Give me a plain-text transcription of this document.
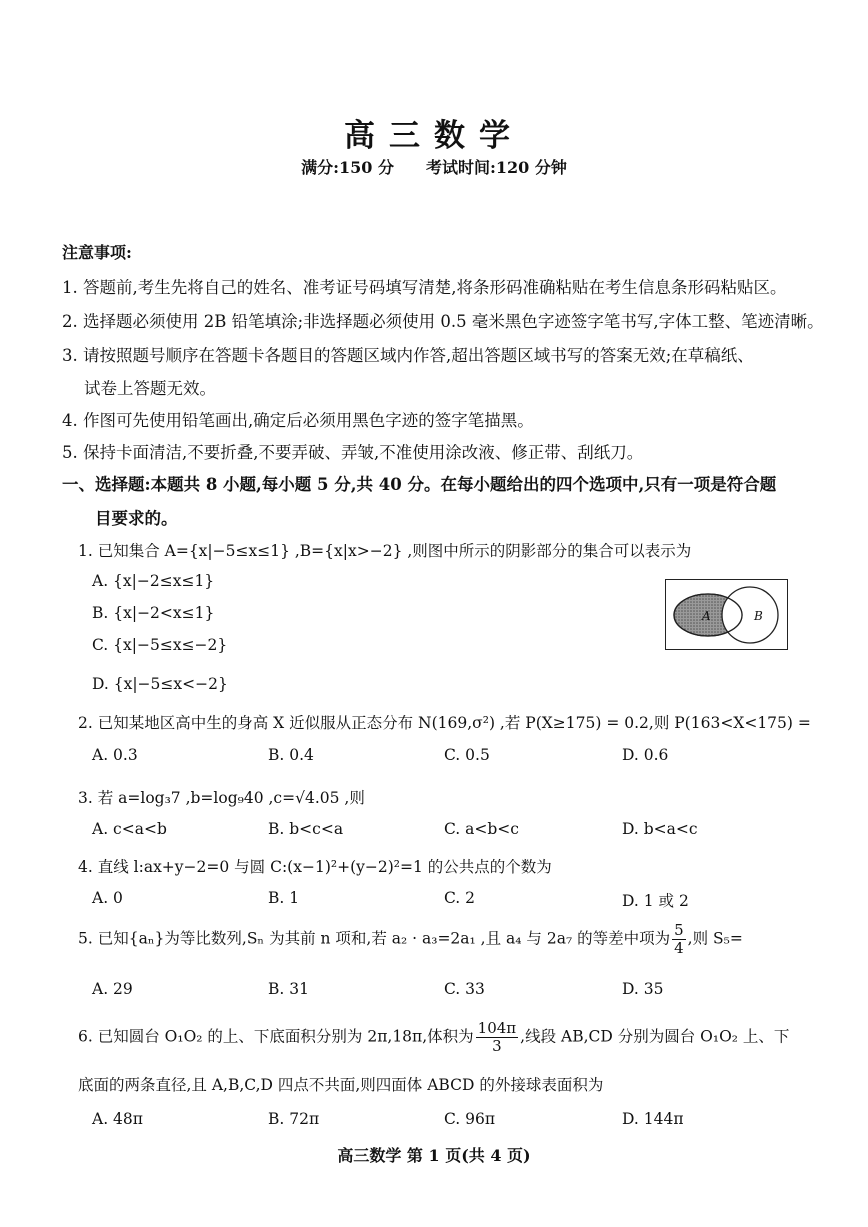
高三数学
满分:150 分 考试时间:120 分钟
注意事项:
1. 答题前,考生先将自己的姓名、准考证号码填写清楚,将条形码准确粘贴在考生信息条形码粘贴区。
2. 选择题必须使用 2B 铅笔填涂;非选择题必须使用 0.5 毫米黑色字迹签字笔书写,字体工整、笔迹清晰。
3. 请按照题号顺序在答题卡各题目的答题区域内作答,超出答题区域书写的答案无效;在草稿纸、
试卷上答题无效。
4. 作图可先使用铅笔画出,确定后必须用黑色字迹的签字笔描黑。
5. 保持卡面清洁,不要折叠,不要弄破、弄皱,不准使用涂改液、修正带、刮纸刀。
一、选择题:本题共 8 小题,每小题 5 分,共 40 分。在每小题给出的四个选项中,只有一项是符合题
目要求的。
1. 已知集合 A={x|−5≤x≤1} ,B={x|x>−2} ,则图中所示的阴影部分的集合可以表示为
A. {x|−2≤x≤1}
B. {x|−2<x≤1}
C. {x|−5≤x≤−2}
D. {x|−5≤x<−2}
A	B
2. 已知某地区高中生的身高 X 近似服从正态分布 N(169,σ²) ,若 P(X≥175) = 0.2,则 P(163<X<175) =
A. 0.3	B. 0.4	C. 0.5	D. 0.6
3. 若 a=log₃7 ,b=log₉40 ,c=√4.05 ,则
A. c<a<b	B. b<c<a	C. a<b<c	D. b<a<c
4. 直线 l:ax+y−2=0 与圆 C:(x−1)²+(y−2)²=1 的公共点的个数为
A. 0	B. 1	C. 2	D. 1 或 2
5. 已知{aₙ}为等比数列,Sₙ 为其前 n 项和,若 a₂ · a₃=2a₁ ,且 a₄ 与 2a₇ 的等差中项为 $\frac{5}{4}$ ,则 S₅=
A. 29	B. 31	C. 33	D. 35
6. 已知圆台 O₁O₂ 的上、下底面积分别为 2π,18π,体积为 $\frac{104\pi}{3}$ ,线段 AB,CD 分别为圆台 O₁O₂ 上、下
底面的两条直径,且 A,B,C,D 四点不共面,则四面体 ABCD 的外接球表面积为
A. 48π	B. 72π	C. 96π	D. 144π
高三数学 第 1 页(共 4 页)
